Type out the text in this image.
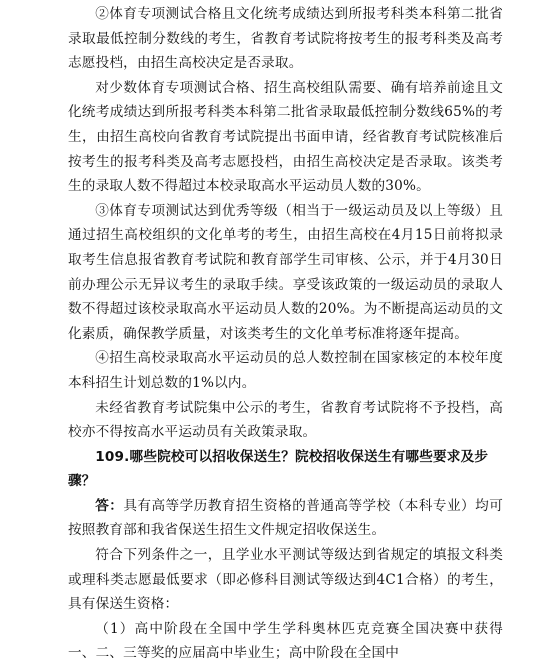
②体育专项测试合格且文化统考成绩达到所报考科类本科第二批省录取最低控制分数线的考生，省教育考试院将按考生的报考科类及高考志愿投档，由招生高校决定是否录取。

对少数体育专项测试合格、招生高校组队需要、确有培养前途且文化统考成绩达到所报考科类本科第二批省录取最低控制分数线65%的考生，由招生高校向省教育考试院提出书面申请，经省教育考试院核准后按考生的报考科类及高考志愿投档，由招生高校决定是否录取。该类考生的录取人数不得超过本校录取高水平运动员人数的30%。

③体育专项测试达到优秀等级（相当于一级运动员及以上等级）且通过招生高校组织的文化单考的考生，由招生高校在4月15日前将拟录取考生信息报省教育考试院和教育部学生司审核、公示，并于4月30日前办理公示无异议考生的录取手续。享受该政策的一级运动员的录取人数不得超过该校录取高水平运动员人数的20%。为不断提高运动员的文化素质，确保教学质量，对该类考生的文化单考标准将逐年提高。

④招生高校录取高水平运动员的总人数控制在国家核定的本校年度本科招生计划总数的1%以内。

未经省教育考试院集中公示的考生，省教育考试院将不予投档，高校亦不得按高水平运动员有关政策录取。

109.哪些院校可以招收保送生？院校招收保送生有哪些要求及步骤？

答：具有高等学历教育招生资格的普通高等学校（本科专业）均可按照教育部和我省保送生招生文件规定招收保送生。

符合下列条件之一，且学业水平测试等级达到省规定的填报文科类或理科类志愿最低要求（即必修科目测试等级达到4C1合格）的考生，具有保送生资格：

（1）高中阶段在全国中学生学科奥林匹克竞赛全国决赛中获得一、二、三等奖的应届高中毕业生；高中阶段在全国中
